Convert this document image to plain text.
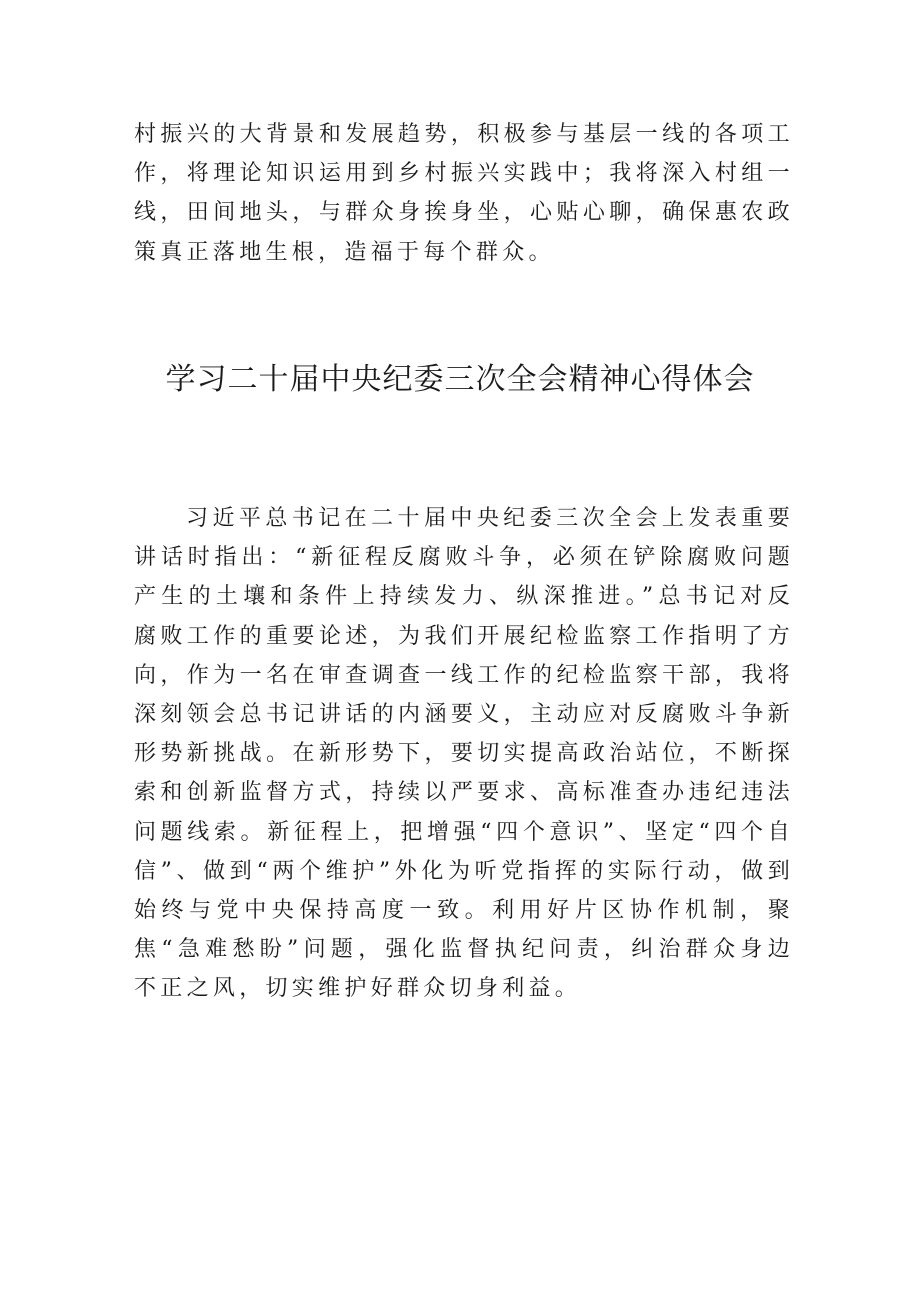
村振兴的大背景和发展趋势，积极参与基层一线的各项工作，将理论知识运用到乡村振兴实践中；我将深入村组一线，田间地头，与群众身挨身坐，心贴心聊，确保惠农政策真正落地生根，造福于每个群众。

学习二十届中央纪委三次全会精神心得体会

习近平总书记在二十届中央纪委三次全会上发表重要讲话时指出：“新征程反腐败斗争，必须在铲除腐败问题产生的土壤和条件上持续发力、纵深推进。”总书记对反腐败工作的重要论述，为我们开展纪检监察工作指明了方向，作为一名在审查调查一线工作的纪检监察干部，我将深刻领会总书记讲话的内涵要义，主动应对反腐败斗争新形势新挑战。在新形势下，要切实提高政治站位，不断探索和创新监督方式，持续以严要求、高标准查办违纪违法问题线索。新征程上，把增强“四个意识”、坚定“四个自信”、做到“两个维护”外化为听党指挥的实际行动，做到始终与党中央保持高度一致。利用好片区协作机制，聚焦“急难愁盼”问题，强化监督执纪问责，纠治群众身边不正之风，切实维护好群众切身利益。
